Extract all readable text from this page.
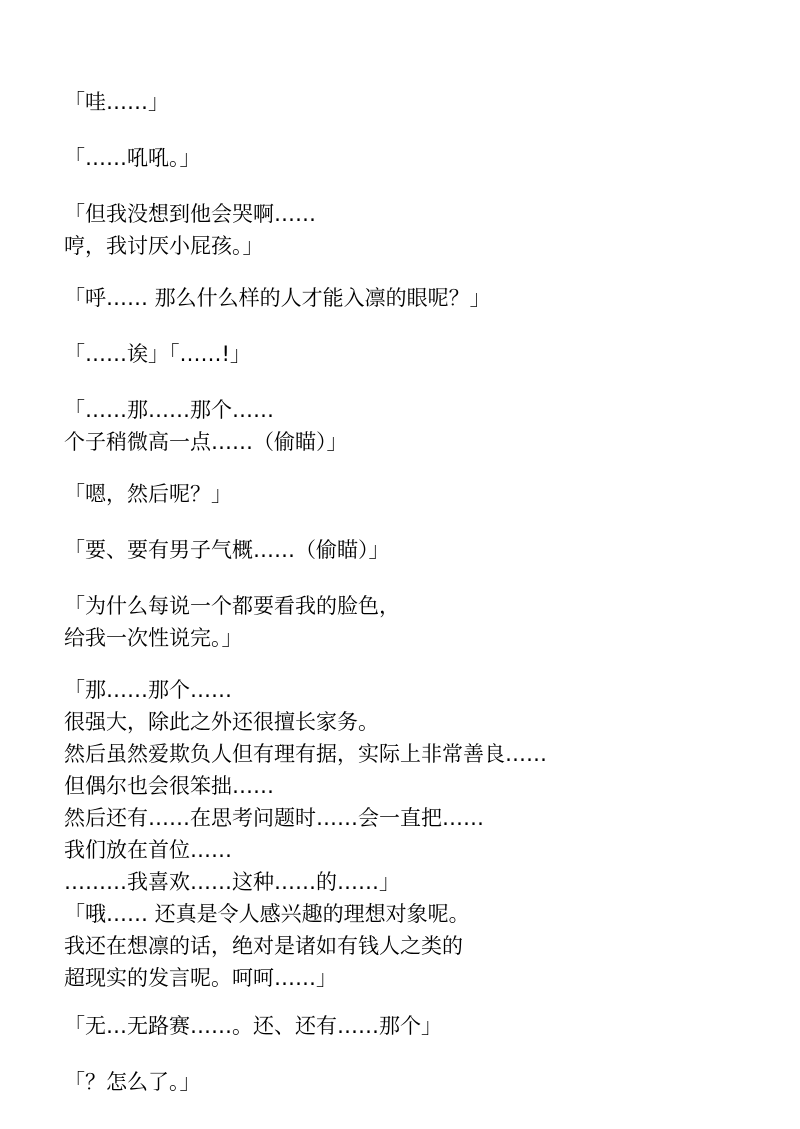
「哇……」

「……吼吼。」

「但我没想到他会哭啊……
哼，我讨厌小屁孩。」

「呼…… 那么什么样的人才能入凛的眼呢？」

「……诶」「……!」

「……那……那个……
个子稍微高一点……（偷瞄）」

「嗯，然后呢？」

「要、要有男子气概……（偷瞄）」

「为什么每说一个都要看我的脸色，
给我一次性说完。」

「那……那个……
很强大，除此之外还很擅长家务。
然后虽然爱欺负人但有理有据，实际上非常善良……
但偶尔也会很笨拙……
然后还有……在思考问题时……会一直把……
我们放在首位……
………我喜欢……这种……的……」

「哦…… 还真是令人感兴趣的理想对象呢。
我还在想凛的话，绝对是诸如有钱人之类的
超现实的发言呢。呵呵……」

「无…无路赛……。还、还有……那个」

「？怎么了。」
